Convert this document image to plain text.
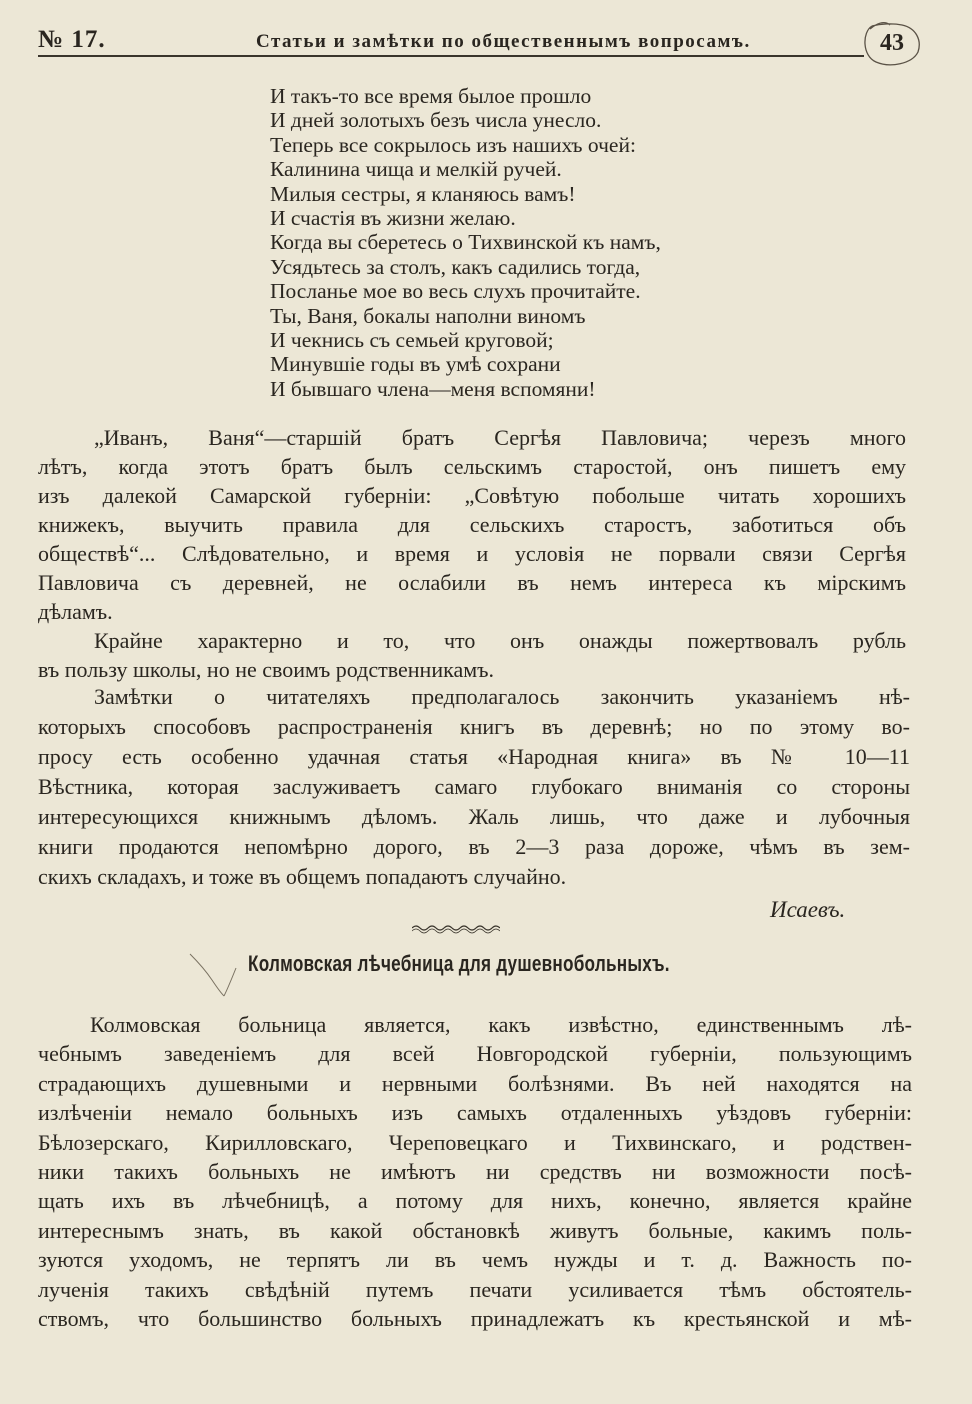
№ 17.	Статьи и замѣтки по общественнымъ вопросамъ.	43
И такъ-то все время былое прошло
И дней золотыхъ безъ числа унесло.
Теперь все сокрылось изъ нашихъ очей:
Калинина чища и мелкій ручей.
Милыя сестры, я кланяюсь вамъ!
И счастія въ жизни желаю.
Когда вы сберетесь о Тихвинской къ намъ,
Усядьтесь за столъ, какъ садились тогда,
Посланье мое во весь слухъ прочитайте.
Ты, Ваня, бокалы наполни виномъ
И чекнись съ семьей круговой;
Минувшіе годы въ умѣ сохрани
И бывшаго члена—меня вспомяни!
„Иванъ, Ваня“—старшій братъ Сергѣя Павловича; черезъ много
лѣтъ, когда этотъ братъ былъ сельскимъ старостой, онъ пишетъ ему
изъ далекой Самарской губерніи: „Совѣтую побольше читать хорошихъ
книжекъ, выучить правила для сельскихъ старостъ, заботиться объ
обществѣ“... Слѣдовательно, и время и условія не порвали связи Сергѣя
Павловича съ деревней, не ослабили въ немъ интереса къ мірскимъ
дѣламъ.
Крайне характерно и то, что онъ онажды пожертвовалъ рубль
въ пользу школы, но не своимъ родственникамъ.
Замѣтки о читателяхъ предполагалось закончить указаніемъ нѣ-
которыхъ способовъ распространенія книгъ въ деревнѣ; но по этому во-
просу есть особенно удачная статья «Народная книга» въ № 10—11
Вѣстника, которая заслуживаетъ самаго глубокаго вниманія со стороны
интересующихся книжнымъ дѣломъ. Жаль лишь, что даже и лубочныя
книги продаются непомѣрно дорого, въ 2—3 раза дороже, чѣмъ въ зем-
скихъ складахъ, и тоже въ общемъ попадаютъ случайно.
Исаевъ.
Колмовская лѣчебница для душевнобольныхъ.
Колмовская больница является, какъ извѣстно, единственнымъ лѣ-
чебнымъ заведеніемъ для всей Новгородской губерніи, пользующимъ
страдающихъ душевными и нервными болѣзнями. Въ ней находятся на
излѣченіи немало больныхъ изъ самыхъ отдаленныхъ уѣздовъ губерніи:
Бѣлозерскаго, Кирилловскаго, Череповецкаго и Тихвинскаго, и родствен-
ники такихъ больныхъ не имѣютъ ни средствъ ни возможности посѣ-
щать ихъ въ лѣчебницѣ, а потому для нихъ, конечно, является крайне
интереснымъ знать, въ какой обстановкѣ живутъ больные, какимъ поль-
зуются уходомъ, не терпятъ ли въ чемъ нужды и т. д. Важность по-
лученія такихъ свѣдѣній путемъ печати усиливается тѣмъ обстоятель-
ствомъ, что большинство больныхъ принадлежатъ къ крестьянской и мѣ-
